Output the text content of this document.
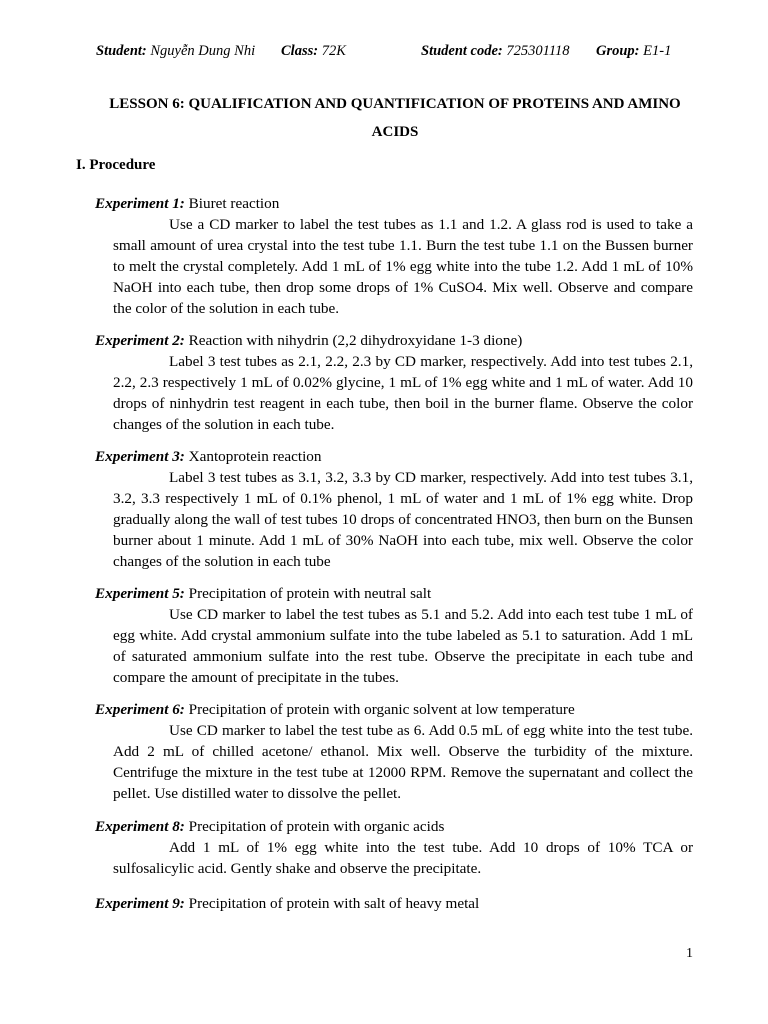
Student: Nguyễn Dung Nhi Class: 72K	Student code: 725301118 Group: E1-1
LESSON 6: QUALIFICATION AND QUANTIFICATION OF PROTEINS AND AMINO ACIDS
I. Procedure
Experiment 1: Biuret reaction

Use a CD marker to label the test tubes as 1.1 and 1.2. A glass rod is used to take a small amount of urea crystal into the test tube 1.1. Burn the test tube 1.1 on the Bussen burner to melt the crystal completely. Add 1 mL of 1% egg white into the tube 1.2. Add 1 mL of 10% NaOH into each tube, then drop some drops of 1% CuSO4. Mix well. Observe and compare the color of the solution in each tube.

Experiment 2: Reaction with nihydrin (2,2 dihydroxyidane 1-3 dione)

Label 3 test tubes as 2.1, 2.2, 2.3 by CD marker, respectively. Add into test tubes 2.1, 2.2, 2.3 respectively 1 mL of 0.02% glycine, 1 mL of 1% egg white and 1 mL of water. Add 10 drops of ninhydrin test reagent in each tube, then boil in the burner flame. Observe the color changes of the solution in each tube.

Experiment 3: Xantoprotein reaction

Label 3 test tubes as 3.1, 3.2, 3.3 by CD marker, respectively. Add into test tubes 3.1, 3.2, 3.3 respectively 1 mL of 0.1% phenol, 1 mL of water and 1 mL of 1% egg white. Drop gradually along the wall of test tubes 10 drops of concentrated HNO3, then burn on the Bunsen burner about 1 minute. Add 1 mL of 30% NaOH into each tube, mix well. Observe the color changes of the solution in each tube

Experiment 5: Precipitation of protein with neutral salt

Use CD marker to label the test tubes as 5.1 and 5.2. Add into each test tube 1 mL of egg white. Add crystal ammonium sulfate into the tube labeled as 5.1 to saturation. Add 1 mL of saturated ammonium sulfate into the rest tube. Observe the precipitate in each tube and compare the amount of precipitate in the tubes.

Experiment 6: Precipitation of protein with organic solvent at low temperature

Use CD marker to label the test tube as 6. Add 0.5 mL of egg white into the test tube. Add 2 mL of chilled acetone/ ethanol. Mix well. Observe the turbidity of the mixture. Centrifuge the mixture in the test tube at 12000 RPM. Remove the supernatant and collect the pellet. Use distilled water to dissolve the pellet.

Experiment 8: Precipitation of protein with organic acids

Add 1 mL of 1% egg white into the test tube. Add 10 drops of 10% TCA or sulfosalicylic acid. Gently shake and observe the precipitate.

Experiment 9: Precipitation of protein with salt of heavy metal

1
